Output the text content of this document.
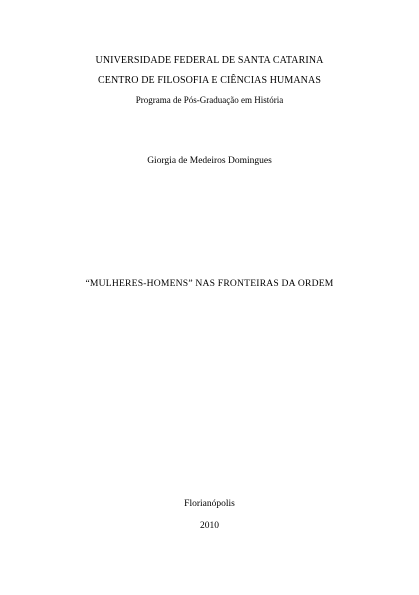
UNIVERSIDADE FEDERAL DE SANTA CATARINA
CENTRO DE FILOSOFIA E CIÊNCIAS HUMANAS
Programa de Pós-Graduação em História
Giorgia de Medeiros Domingues
“MULHERES-HOMENS” NAS FRONTEIRAS DA ORDEM
Florianópolis
2010
